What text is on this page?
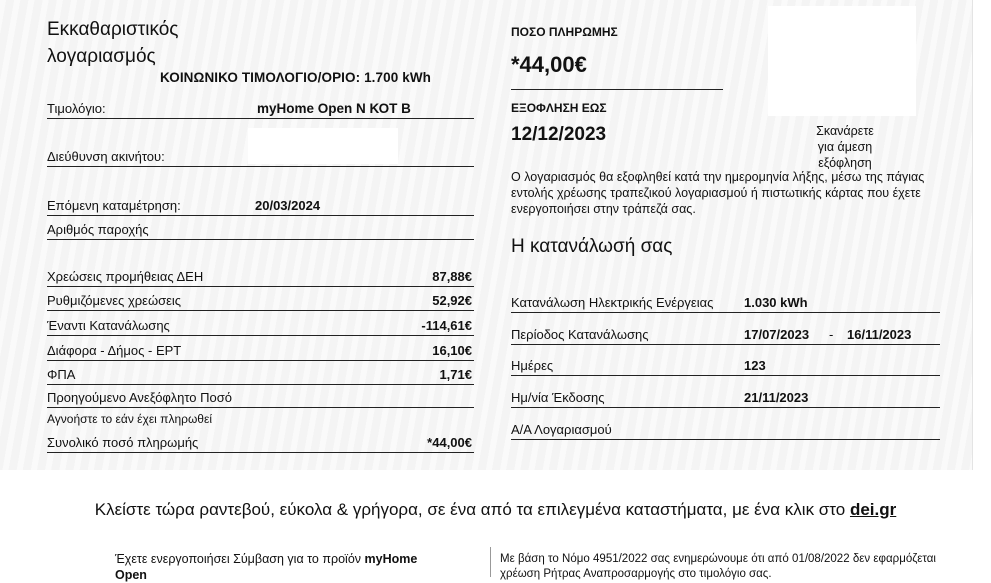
Εκκαθαριστικός
λογαριασμός
ΚΟΙΝΩΝΙΚΟ ΤΙΜΟΛΟΓΙΟ/ΟΡΙΟ: 1.700 kWh
Τιμολόγιο:	myHome Open N ΚΟΤ Β
Διεύθυνση ακινήτου:
Επόμενη καταμέτρηση:	20/03/2024
Αριθμός παροχής
Χρεώσεις προμήθειας ΔΕΗ	87,88€
Ρυθμιζόμενες χρεώσεις	52,92€
Έναντι Κατανάλωσης	-114,61€
Διάφορα - Δήμος - ΕΡΤ	16,10€
ΦΠΑ	1,71€
Προηγούμενο Ανεξόφλητο Ποσό
Αγνοήστε το εάν έχει πληρωθεί
Συνολικό ποσό πληρωμής	*44,00€
ΠΟΣΟ ΠΛΗΡΩΜΗΣ
*44,00€
ΕΞΟΦΛΗΣΗ ΕΩΣ
12/12/2023	Σκανάρετε
για άμεση εξόφληση
Ο λογαριασμός θα εξοφληθεί κατά την ημερομηνία λήξης, μέσω της πάγιας εντολής χρέωσης τραπεζικού λογαριασμού ή πιστωτικής κάρτας που έχετε ενεργοποιήσει στην τράπεζά σας.
Η κατανάλωσή σας
Κατανάλωση Ηλεκτρικής Ενέργειας 1.030 kWh
Περίοδος Κατανάλωσης	17/07/2023 - 16/11/2023
Ημέρες	123
Ημ/νία Έκδοσης	21/11/2023
Α/Α Λογαριασμού
Κλείστε τώρα ραντεβού, εύκολα & γρήγορα, σε ένα από τα επιλεγμένα καταστήματα, με ένα κλικ στο dei.gr
Έχετε ενεργοποιήσει Σύμβαση για το προϊόν myHome
Open
Με βάση το Νόμο 4951/2022 σας ενημερώνουμε ότι από 01/08/2022 δεν εφαρμόζεται χρέωση Ρήτρας Αναπροσαρμογής στο τιμολόγιο σας.
